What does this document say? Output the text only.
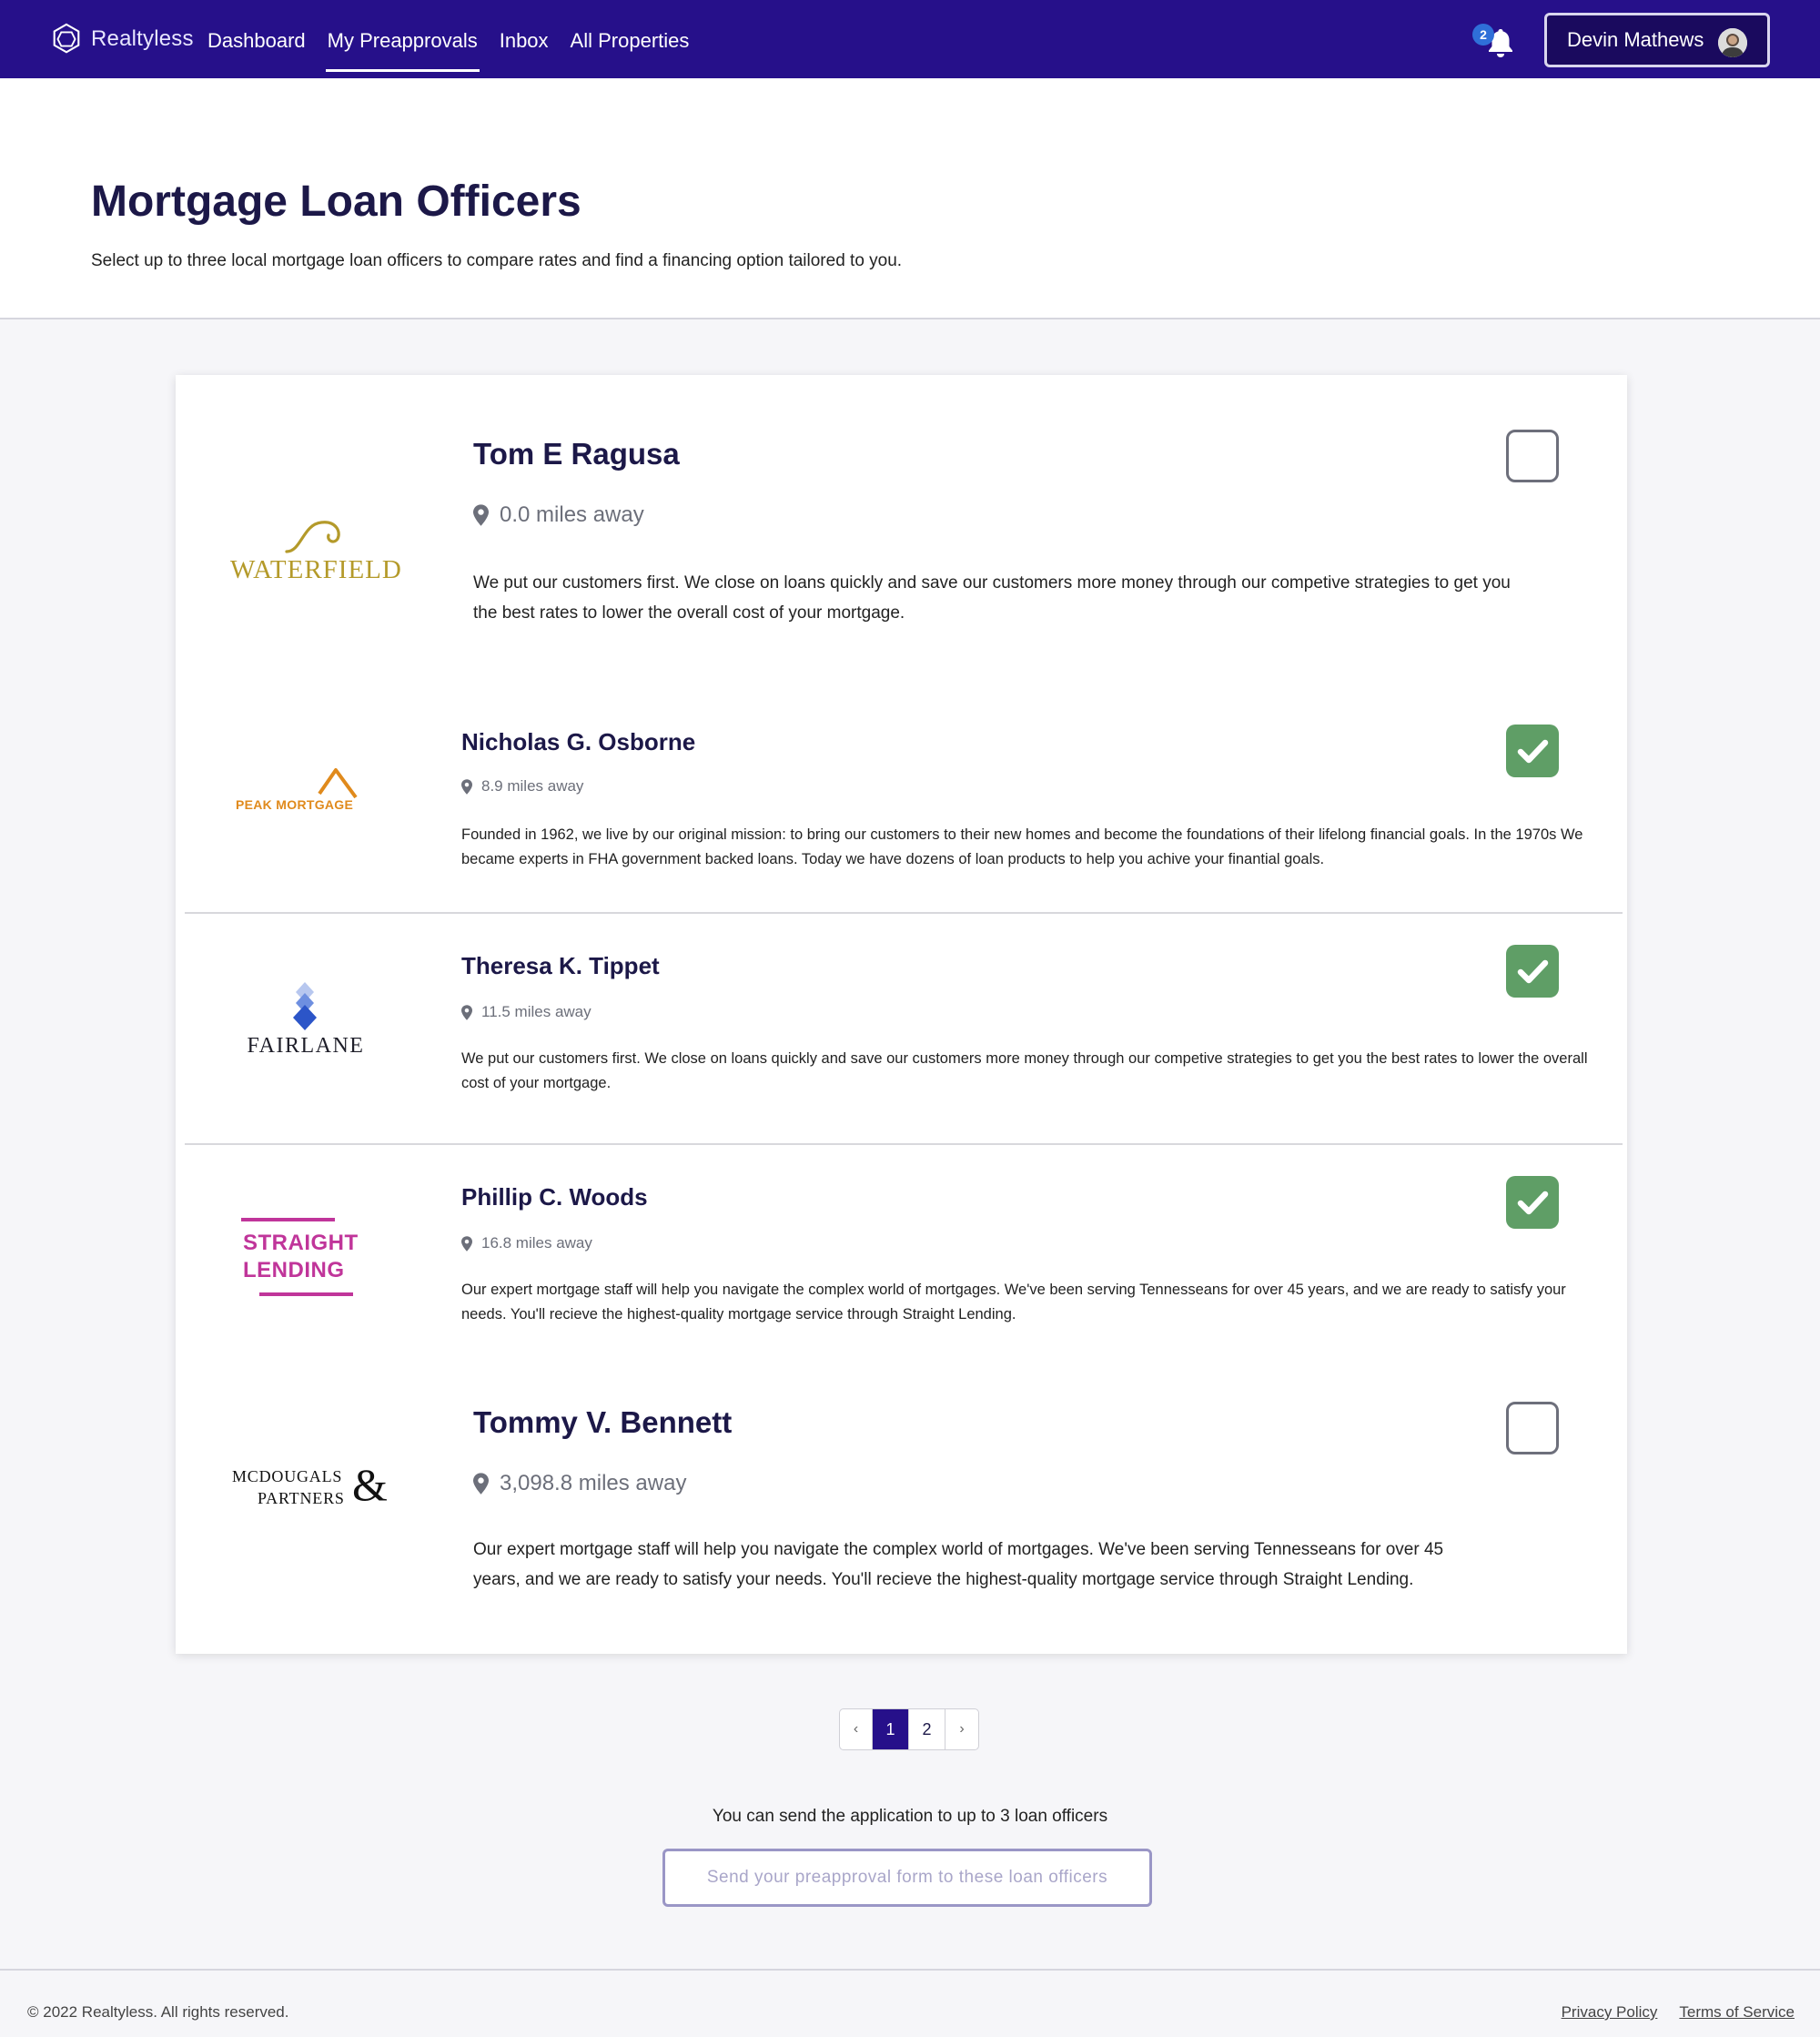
Realtyless Dashboard	My Preapprovals	Inbox	All Properties	2	Devin Mathews
Mortgage Loan Officers

Select up to three local mortgage loan officers to compare rates and find a financing option tailored to you.

WATERFIELD
Tom E Ragusa
0.0 miles away
We put our customers first. We close on loans quickly and save our customers more money through our competive strategies to get you the best rates to lower the overall cost of your mortgage.
PEAK MORTGAGE
Nicholas G. Osborne
8.9 miles away
Founded in 1962, we live by our original mission: to bring our customers to their new homes and become the foundations of their lifelong financial goals. In the 1970s We became experts in FHA government backed loans. Today we have dozens of loan products to help you achive your finantial goals.
FAIRLANE
Theresa K. Tippet
11.5 miles away
We put our customers first. We close on loans quickly and save our customers more money through our competive strategies to get you the best rates to lower the overall cost of your mortgage.
STRAIGHT
LENDING
Phillip C. Woods
16.8 miles away
Our expert mortgage staff will help you navigate the complex world of mortgages. We've been serving Tennesseans for over 45 years, and we are ready to satisfy your needs. You'll recieve the highest-quality mortgage service through Straight Lending.
MCDOUGALS
PARTNERS &
Tommy V. Bennett
3,098.8 miles away
Our expert mortgage staff will help you navigate the complex world of mortgages. We've been serving Tennesseans for over 45 years, and we are ready to satisfy your needs. You'll recieve the highest-quality mortgage service through Straight Lending.
‹	1	2	›
You can send the application to up to 3 loan officers
Send your preapproval form to these loan officers
© 2022 Realtyless. All rights reserved.	Privacy Policy Terms of Service
